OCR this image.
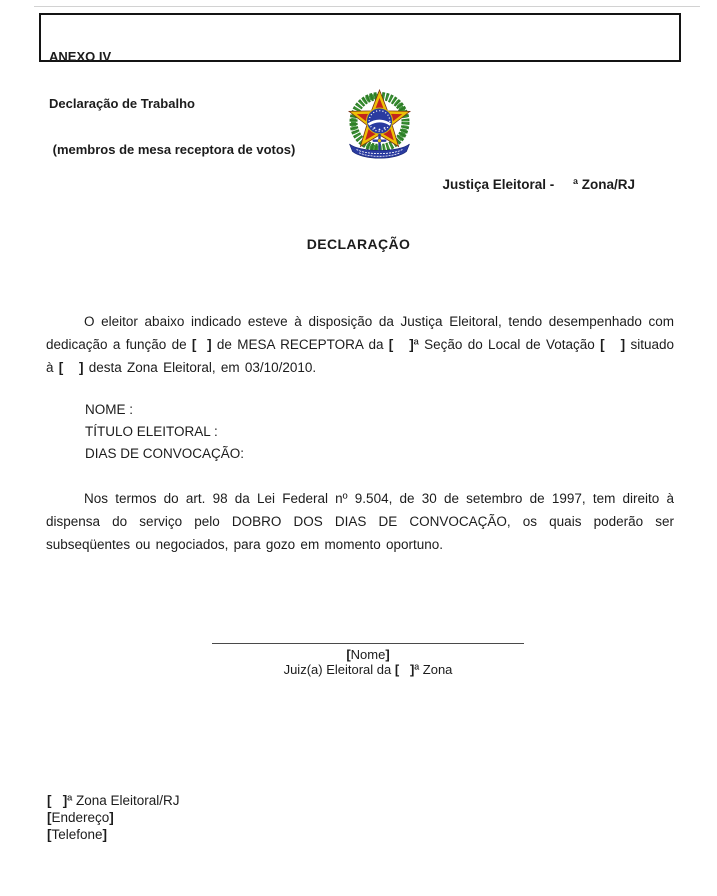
ANEXO IV

Declaração de Trabalho

(membros de mesa receptora de votos)

Justiça Eleitoral -     ª Zona/RJ
DECLARAÇÃO
O eleitor abaixo indicado esteve à disposição da Justiça Eleitoral, tendo desempenhado com dedicação a função de [  ] de MESA RECEPTORA da [   ]ª Seção do Local de Votação [   ] situado à [   ] desta Zona Eleitoral, em 03/10/2010.
NOME :
TÍTULO ELEITORAL :
DIAS DE CONVOCAÇÃO:
Nos termos do art. 98 da Lei Federal nº 9.504, de 30 de setembro de 1997, tem direito à dispensa do serviço pelo DOBRO DOS DIAS DE CONVOCAÇÃO, os quais poderão ser subseqüentes ou negociados, para gozo em momento oportuno.
[Nome]
Juiz(a) Eleitoral da [   ]ª Zona
[   ]ª Zona Eleitoral/RJ
[Endereço]
[Telefone]
